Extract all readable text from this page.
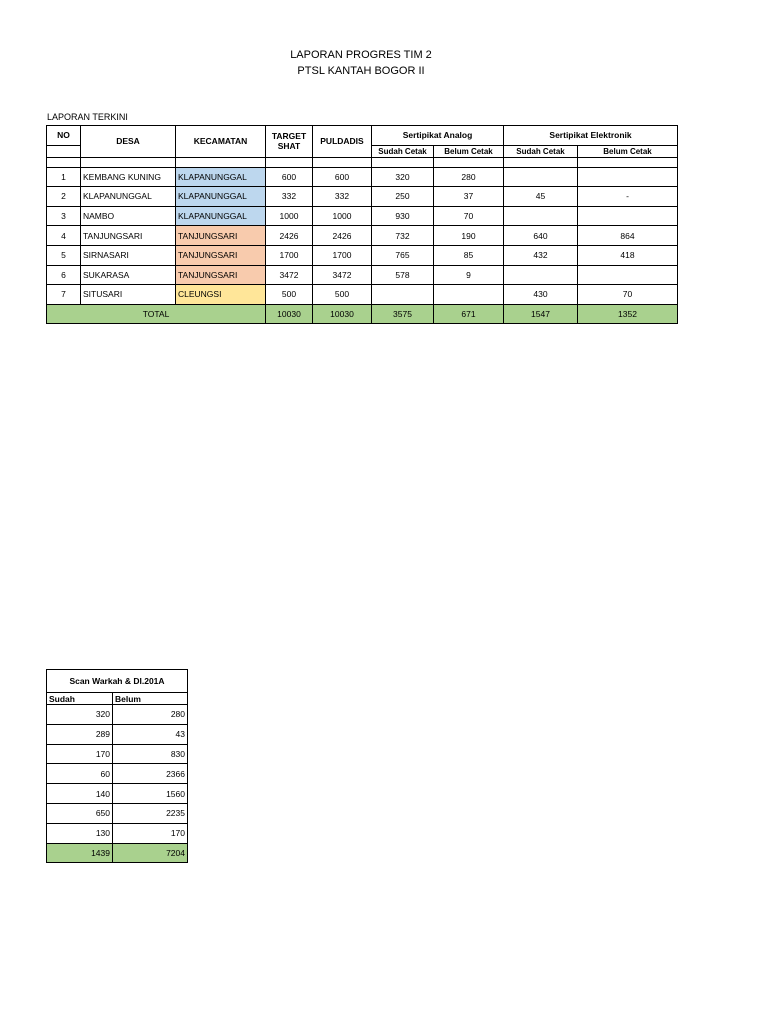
LAPORAN PROGRES TIM 2
PTSL KANTAH BOGOR II
LAPORAN TERKINI
NO	DESA	KECAMATAN	TARGET SHAT	PULDADIS	Sertipikat Analog		Sertipikat Elektronik	
					Sudah Cetak	Belum Cetak	Sudah Cetak	Belum Cetak

1	KEMBANG KUNING	KLAPANUNGGAL	600	600	320	280		
2	KLAPANUNGGAL	KLAPANUNGGAL	332	332	250	37	45	-
3	NAMBO	KLAPANUNGGAL	1000	1000	930	70		
4	TANJUNGSARI	TANJUNGSARI	2426	2426	732	190	640	864
5	SIRNASARI	TANJUNGSARI	1700	1700	765	85	432	418
6	SUKARASA	TANJUNGSARI	3472	3472	578	9		
7	SITUSARI	CLEUNGSI	500	500			430	70
TOTAL			10030	10030	3575	671	1547	1352
Scan Warkah & DI.201A	
Sudah	Belum
320	280
289	43
170	830
60	2366
140	1560
650	2235
130	170
1439	7204
